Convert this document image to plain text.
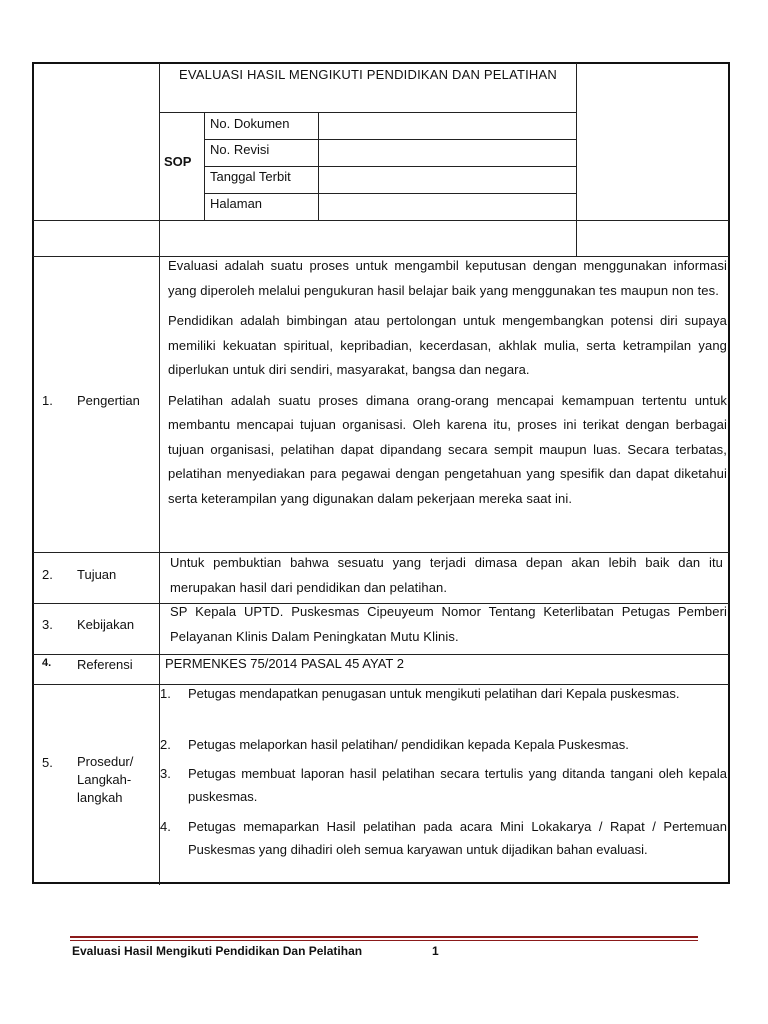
EVALUASI HASIL MENGIKUTI PENDIDIKAN DAN PELATIHAN
SOP
No. Dokumen
No. Revisi
Tanggal Terbit
Halaman
1. Pengertian

Evaluasi adalah suatu proses untuk mengambil keputusan dengan menggunakan informasi yang diperoleh melalui pengukuran hasil belajar baik yang menggunakan tes maupun non tes.

Pendidikan adalah bimbingan atau pertolongan untuk mengembangkan potensi diri supaya memiliki kekuatan spiritual, kepribadian, kecerdasan, akhlak mulia, serta ketrampilan yang diperlukan untuk diri sendiri, masyarakat, bangsa dan negara.

Pelatihan adalah suatu proses dimana orang-orang mencapai kemampuan tertentu untuk membantu mencapai tujuan organisasi. Oleh karena itu, proses ini terikat dengan berbagai tujuan organisasi, pelatihan dapat dipandang secara sempit maupun luas. Secara terbatas, pelatihan menyediakan para pegawai dengan pengetahuan yang spesifik dan dapat diketahui serta keterampilan yang digunakan dalam pekerjaan mereka saat ini.

2. Tujuan
Untuk pembuktian bahwa sesuatu yang terjadi dimasa depan akan lebih baik dan itu merupakan hasil dari pendidikan dan pelatihan.
3. Kebijakan
SP Kepala UPTD. Puskesmas Cipeuyeum Nomor Tentang Keterlibatan Petugas Pemberi Pelayanan Klinis Dalam Peningkatan Mutu Klinis.
4. Referensi PERMENKES 75/2014 PASAL 45 AYAT 2
5. Prosedur/
Langkah-
langkah
1. Petugas mendapatkan penugasan untuk mengikuti pelatihan dari Kepala puskesmas.
2. Petugas melaporkan hasil pelatihan/ pendidikan kepada Kepala Puskesmas.
3. Petugas membuat laporan hasil pelatihan secara tertulis yang ditanda tangani oleh kepala puskesmas.
4. Petugas memaparkan Hasil pelatihan pada acara Mini Lokakarya / Rapat / Pertemuan Puskesmas yang dihadiri oleh semua karyawan untuk dijadikan bahan evaluasi.
Evaluasi Hasil Mengikuti Pendidikan Dan Pelatihan	1
